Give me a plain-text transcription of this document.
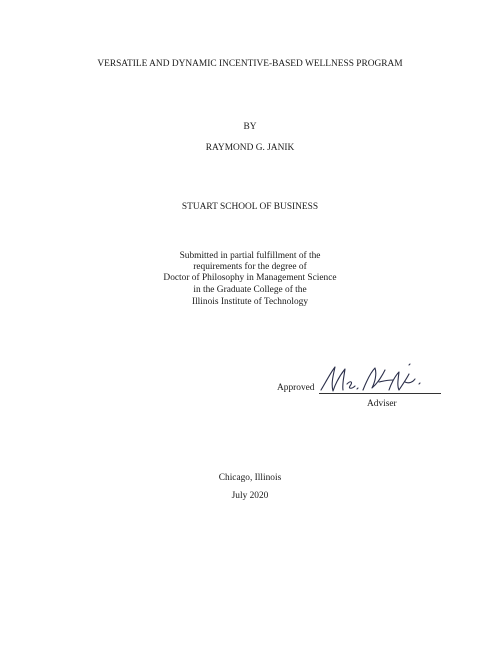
VERSATILE AND DYNAMIC INCENTIVE-BASED WELLNESS PROGRAM
BY
RAYMOND G. JANIK
STUART SCHOOL OF BUSINESS
Submitted in partial fulfillment of the
requirements for the degree of
Doctor of Philosophy in Management Science
in the Graduate College of the
Illinois Institute of Technology
Approved
Adviser
Chicago, Illinois
July 2020
